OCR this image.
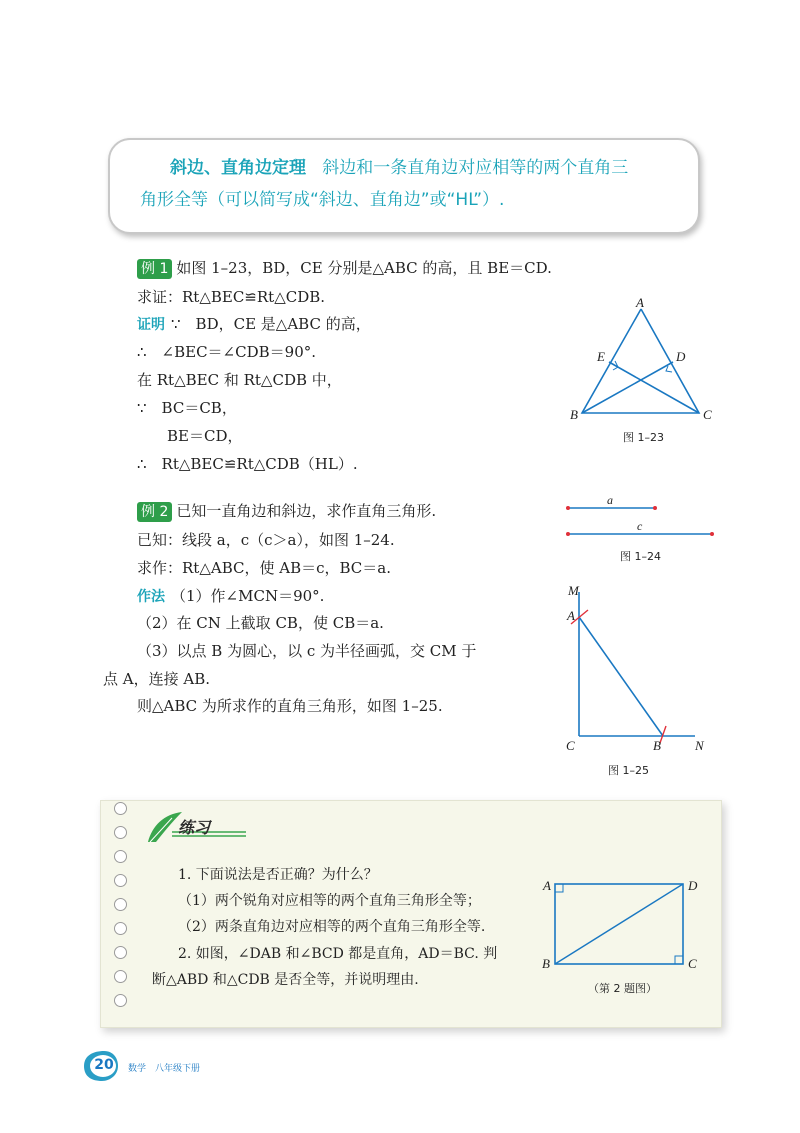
斜边、直角边定理 斜边和一条直角边对应相等的两个直角三
角形全等（可以简写成“斜边、直角边”或“HL”）.
例 1 如图 1–23，BD，CE 分别是△ABC 的高，且 BE＝CD.
求证：Rt△BEC≌Rt△CDB.
证明 ∵　BD，CE 是△ABC 的高，
∴　∠BEC＝∠CDB＝90°.
在 Rt△BEC 和 Rt△CDB 中，
∵　BC＝CB，
BE＝CD，
∴　Rt△BEC≌Rt△CDB（HL）.
A
B	C
D
E
图 1–23
例 2 已知一直角边和斜边，求作直角三角形.
已知：线段 a，c（c＞a），如图 1–24.
求作：Rt△ABC，使 AB＝c，BC＝a.
作法 （1）作∠MCN＝90°.
（2）在 CN 上截取 CB，使 CB＝a.
（3）以点 B 为圆心，以 c 为半径画弧，交 CM 于
点 A，连接 AB.
则△ABC 为所求作的直角三角形，如图 1–25.
a
c
图 1–24
M
A
C	B	N
图 1–25
练习
1. 下面说法是否正确？为什么？
（1）两个锐角对应相等的两个直角三角形全等；
（2）两条直角边对应相等的两个直角三角形全等.
2. 如图，∠DAB 和∠BCD 都是直角，AD＝BC. 判
断△ABD 和△CDB 是否全等，并说明理由.
A
B	C
D
（第 2 题图）
20	数学　八年级下册
